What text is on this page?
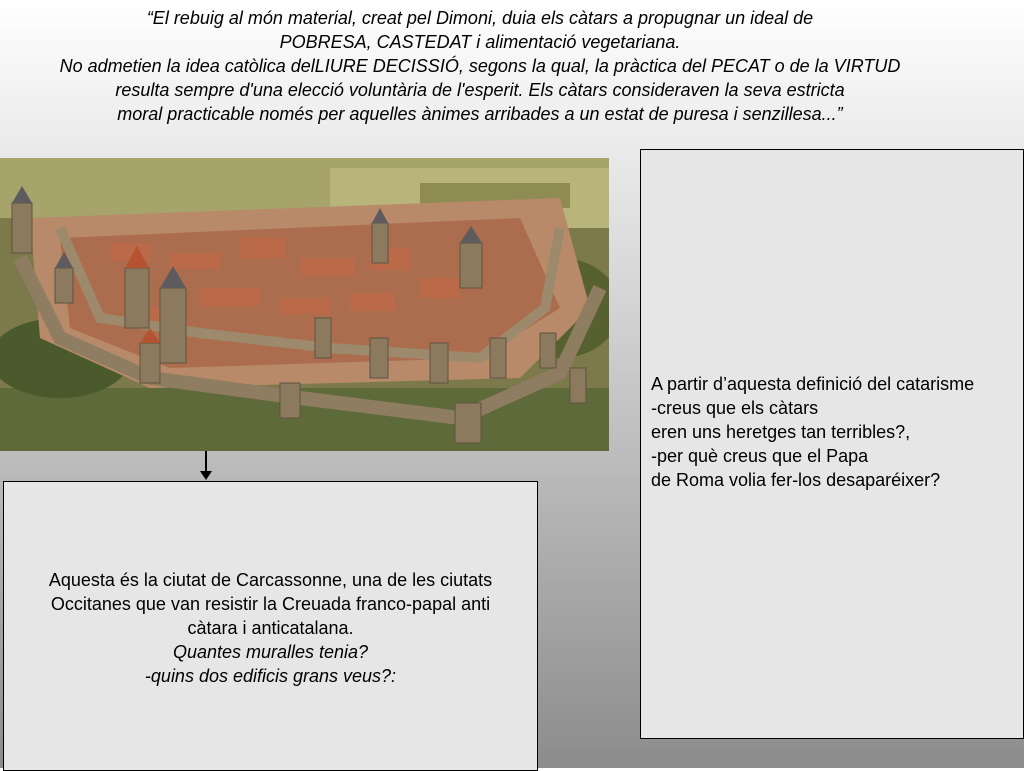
“El rebuig al món material, creat pel Dimoni, duia els càtars a propugnar un ideal de
POBRESA, CASTEDAT i alimentació vegetariana.
No admetien la idea catòlica delLIURE DECISSIÓ, segons la qual, la pràctica del PECAT o de la VIRTUD
resulta sempre d'una elecció voluntària de l'esperit. Els càtars consideraven la seva estricta
moral practicable només per aquelles ànimes arribades a un estat de puresa i senzillesa...”
Aquesta és la ciutat de Carcassonne, una de les ciutats
Occitanes que van resistir la Creuada franco-papal anti
càtara i anticatalana.
Quantes muralles tenia?
-quins dos edificis grans veus?:
A partir d’aquesta definició del catarisme
-creus que els càtars
eren uns heretges tan terribles?,
-per què creus que el Papa
de Roma volia fer-los desaparéixer?
